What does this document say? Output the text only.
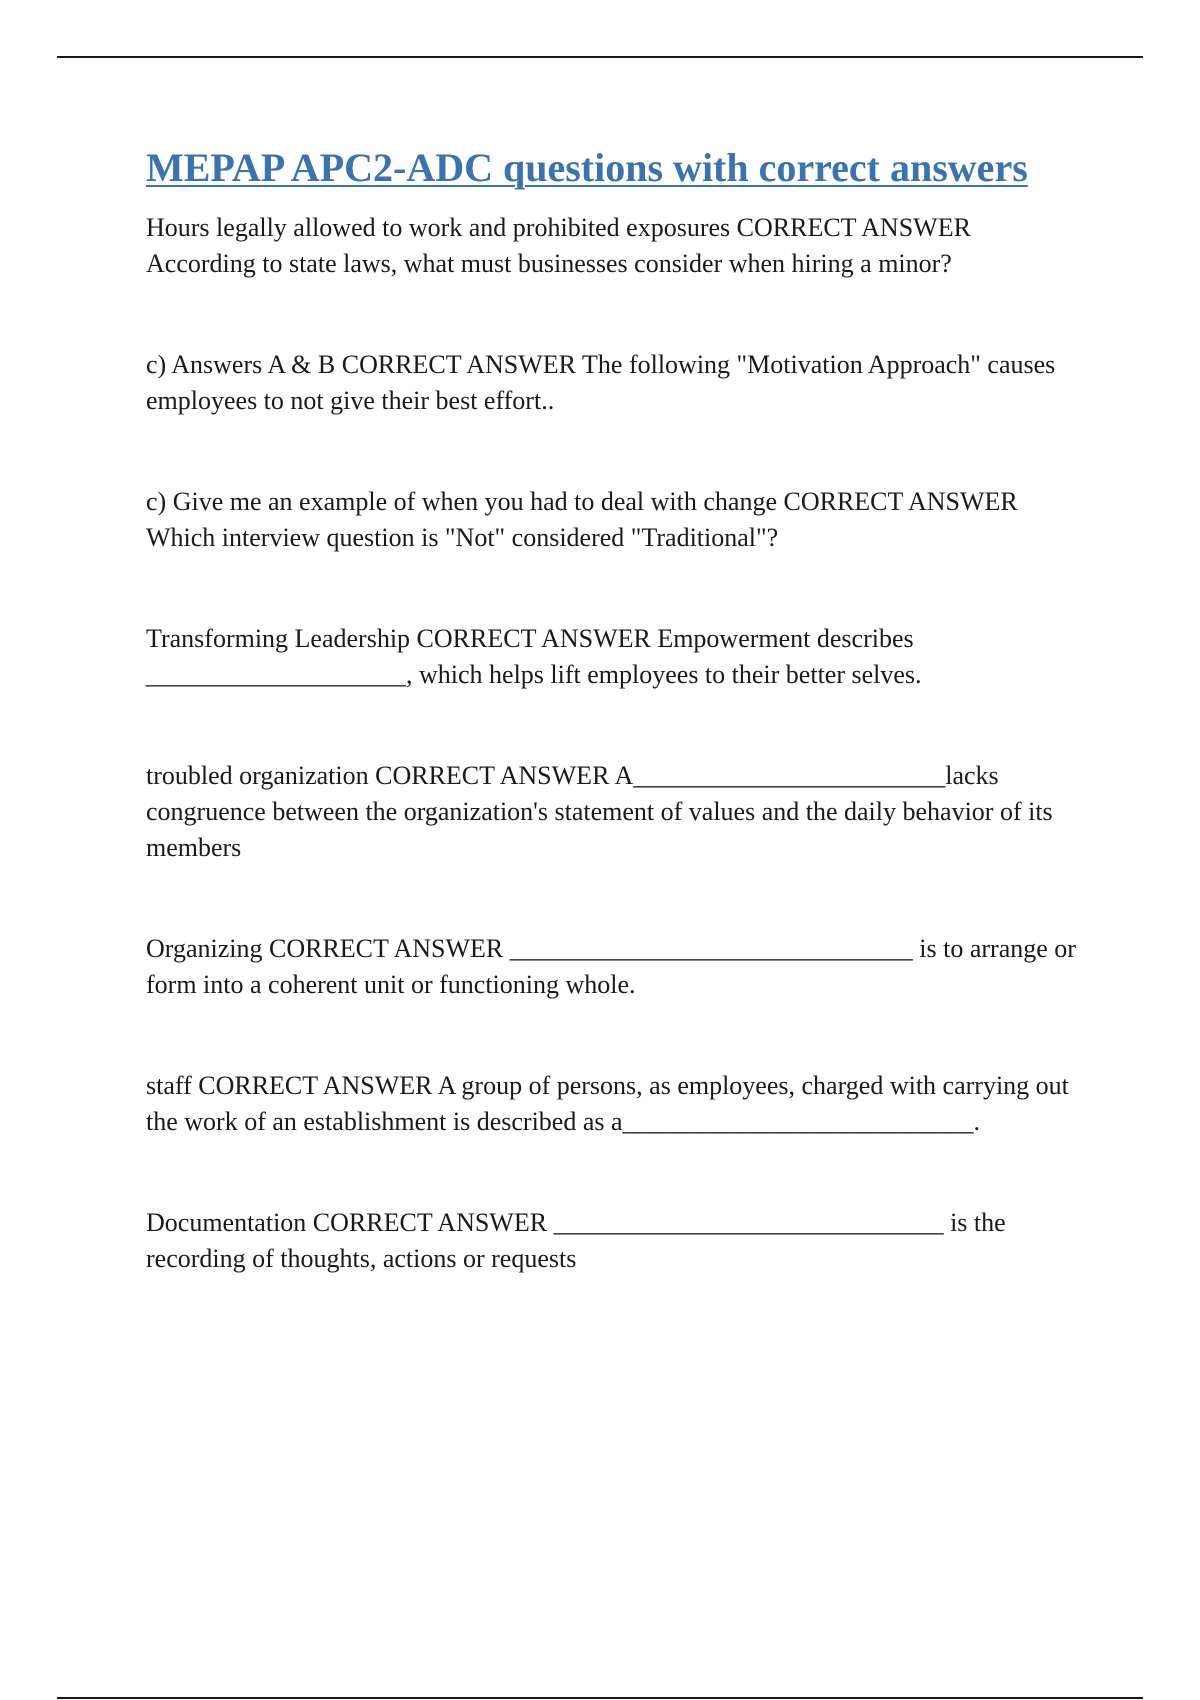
MEPAP APC2-ADC questions with correct answers

Hours legally allowed to work and prohibited exposures CORRECT ANSWER According to state laws, what must businesses consider when hiring a minor?

c) Answers A & B CORRECT ANSWER The following "Motivation Approach" causes employees to not give their best effort..

c) Give me an example of when you had to deal with change CORRECT ANSWER Which interview question is "Not" considered "Traditional"?

Transforming Leadership CORRECT ANSWER Empowerment describes ____________________, which helps lift employees to their better selves.

troubled organization CORRECT ANSWER A________________________lacks congruence between the organization's statement of values and the daily behavior of its members

Organizing CORRECT ANSWER _______________________________ is to arrange or form into a coherent unit or functioning whole.

staff CORRECT ANSWER A group of persons, as employees, charged with carrying out the work of an establishment is described as a___________________________.

Documentation CORRECT ANSWER ______________________________ is the recording of thoughts, actions or requests
